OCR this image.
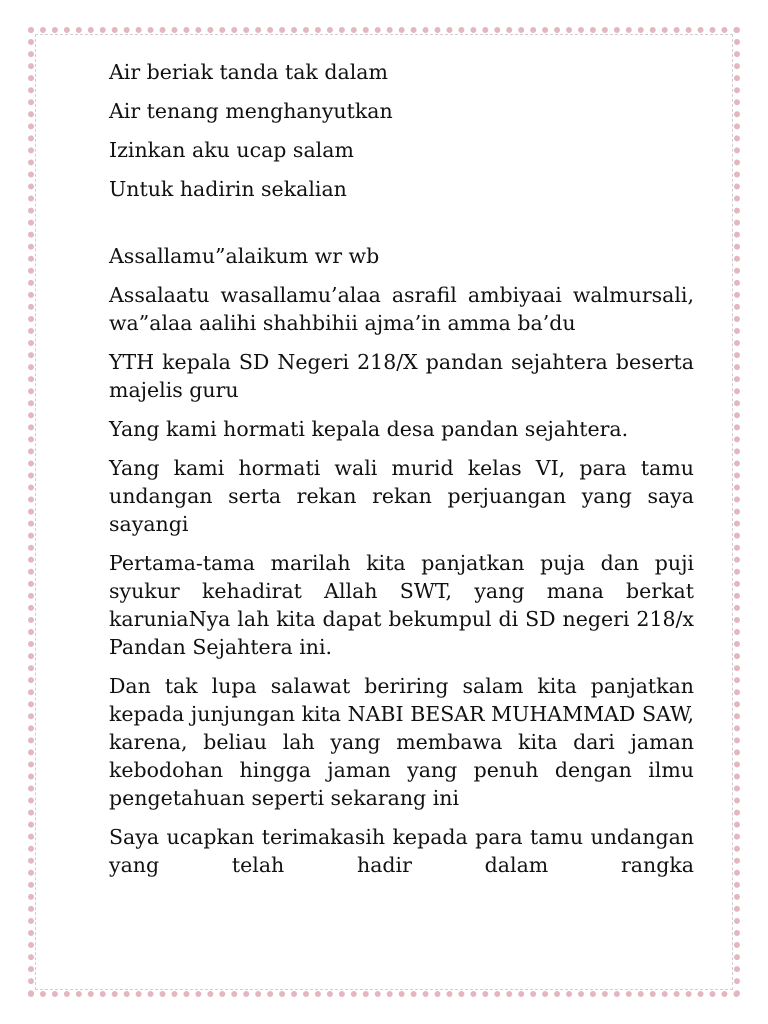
Air beriak tanda tak dalam

Air tenang menghanyutkan

Izinkan aku ucap salam

Untuk hadirin sekalian

Assallamu”alaikum wr wb

Assalaatu wasallamu’alaa asrafil ambiyaai walmursali, wa”alaa aalihi shahbihii ajma’in amma ba’du

YTH kepala SD Negeri 218/X pandan sejahtera beserta majelis guru

Yang kami hormati kepala desa pandan sejahtera.

Yang kami hormati wali murid kelas VI, para tamu undangan serta rekan rekan perjuangan yang saya sayangi

Pertama-tama marilah kita panjatkan puja dan puji syukur kehadirat Allah SWT, yang mana berkat karuniaNya lah kita dapat bekumpul di SD negeri 218/x Pandan Sejahtera ini.

Dan tak lupa salawat beriring salam kita panjatkan kepada junjungan kita NABI BESAR MUHAMMAD SAW, karena, beliau lah yang membawa kita dari jaman kebodohan hingga jaman yang penuh dengan ilmu pengetahuan seperti sekarang ini

Saya ucapkan terimakasih kepada para tamu undangan yang telah hadir dalam rangka
